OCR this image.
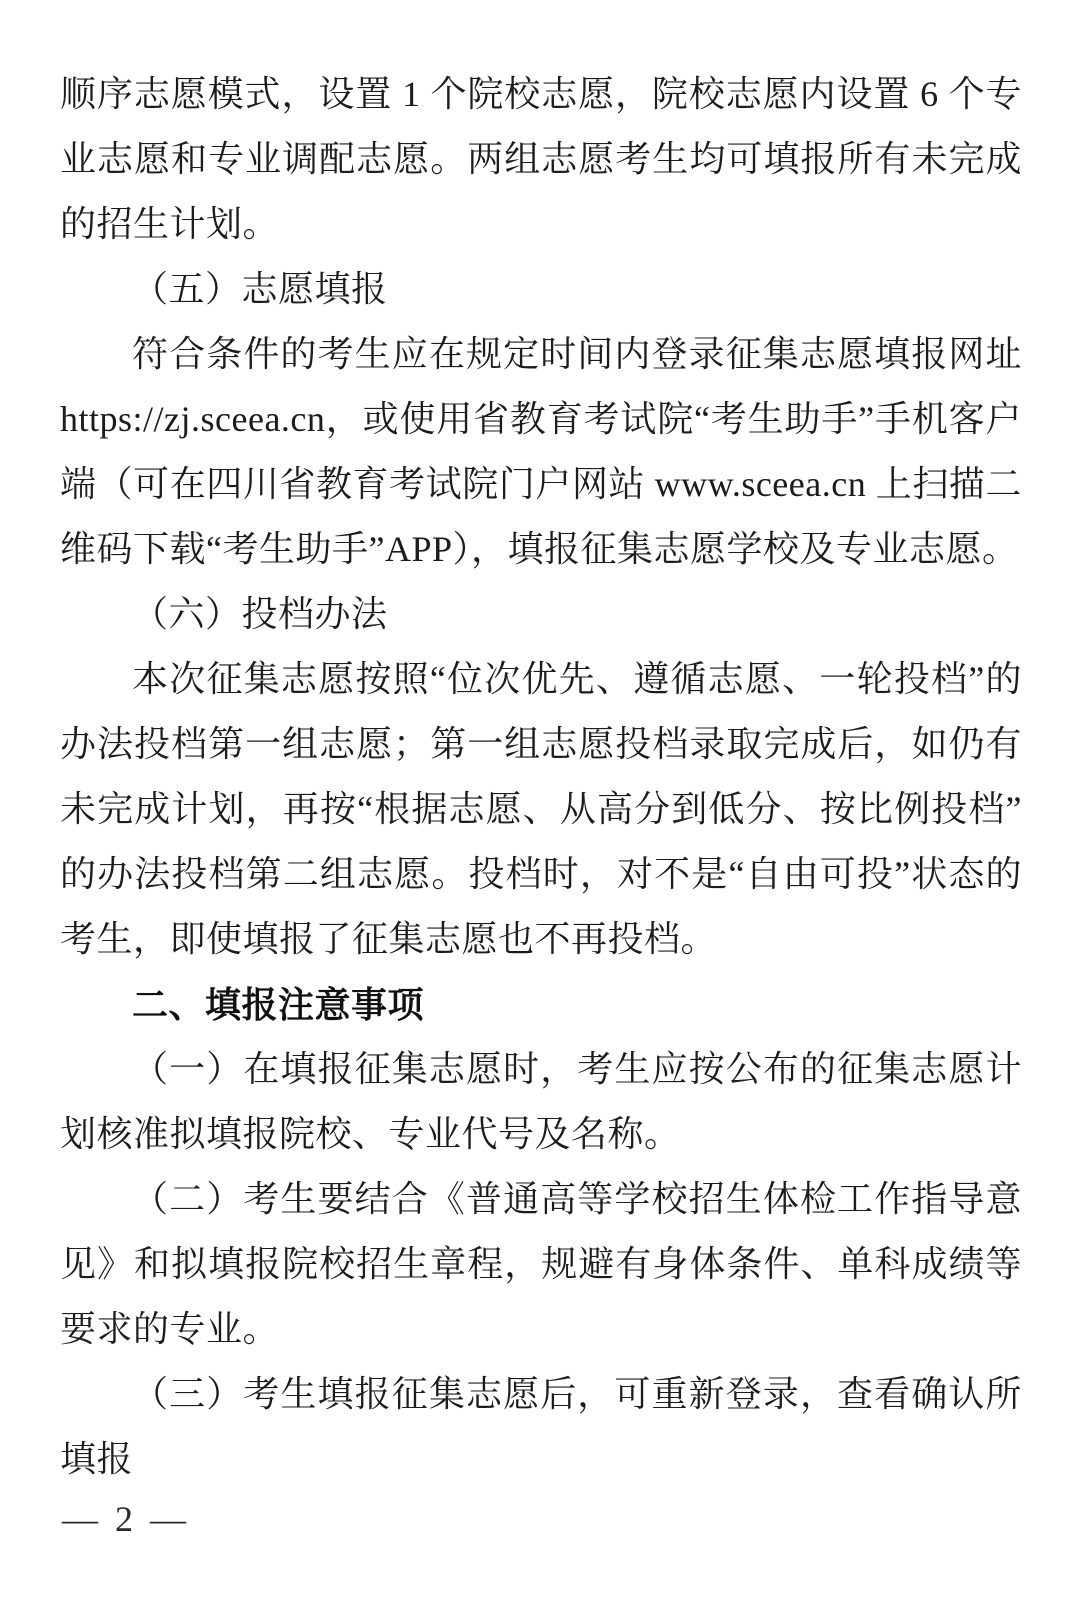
顺序志愿模式，设置 1 个院校志愿，院校志愿内设置 6 个专业志愿和专业调配志愿。两组志愿考生均可填报所有未完成的招生计划。

（五）志愿填报

符合条件的考生应在规定时间内登录征集志愿填报网址 https://zj.sceea.cn，或使用省教育考试院“考生助手”手机客户端（可在四川省教育考试院门户网站 www.sceea.cn 上扫描二维码下载“考生助手”APP），填报征集志愿学校及专业志愿。

（六）投档办法

本次征集志愿按照“位次优先、遵循志愿、一轮投档”的办法投档第一组志愿；第一组志愿投档录取完成后，如仍有未完成计划，再按“根据志愿、从高分到低分、按比例投档”的办法投档第二组志愿。投档时，对不是“自由可投”状态的考生，即使填报了征集志愿也不再投档。

二、填报注意事项

（一）在填报征集志愿时，考生应按公布的征集志愿计划核准拟填报院校、专业代号及名称。

（二）考生要结合《普通高等学校招生体检工作指导意见》和拟填报院校招生章程，规避有身体条件、单科成绩等要求的专业。

（三）考生填报征集志愿后，可重新登录，查看确认所填报

— 2 —
